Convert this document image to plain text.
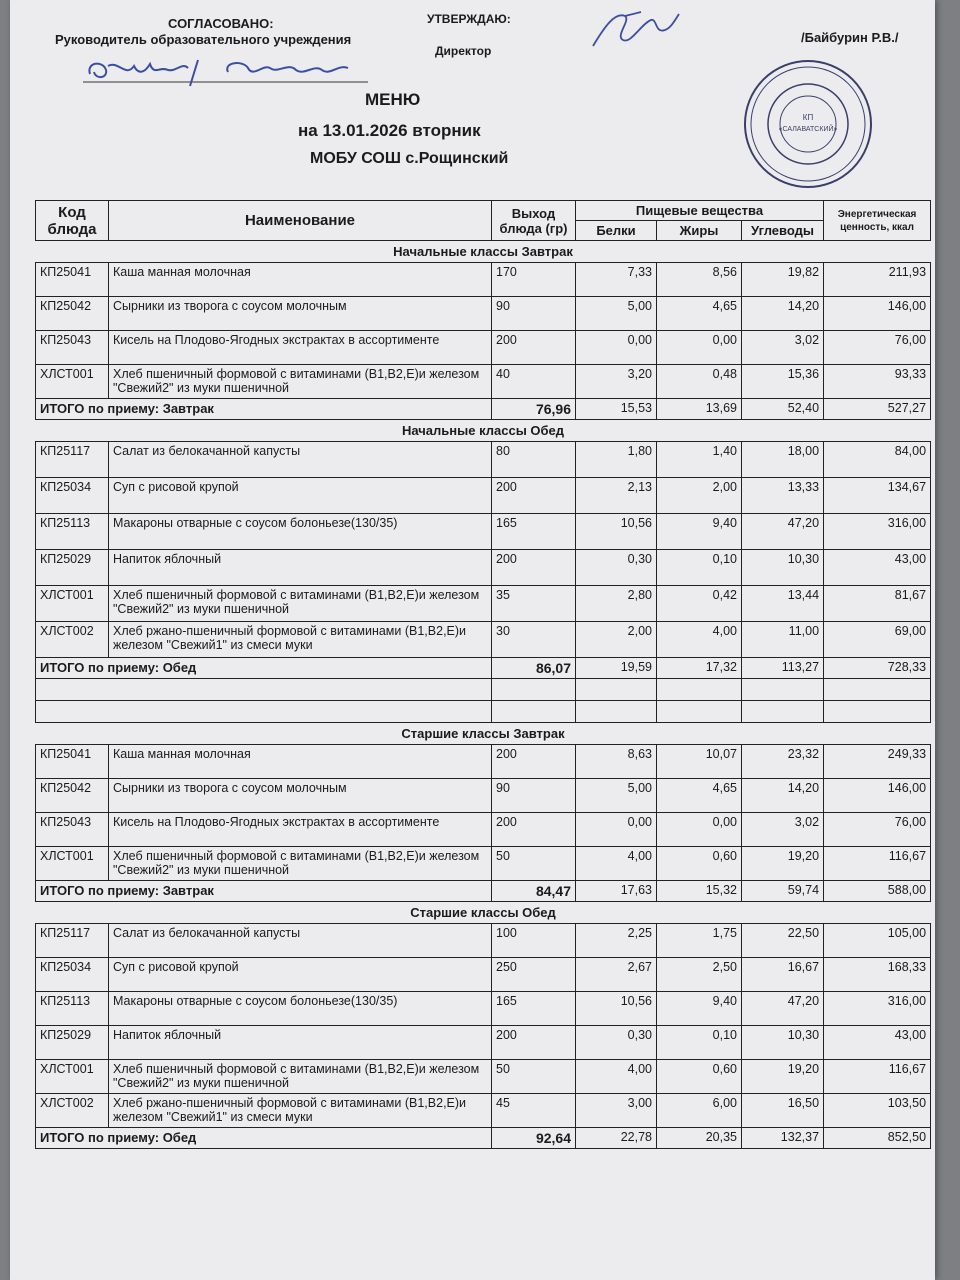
СОГЛАСОВАНО:
Руководитель образовательного учреждения
УТВЕРЖДАЮ:
Директор
/Байбурин Р.В./
КП
«САЛАВАТСКИЙ»
МЕНЮ
на 13.01.2026 вторник
МОБУ СОШ с.Рощинский
Код блюда	Наименование	Выход блюда (гр)	Пищевые вещества			Энергетическая ценность, ккал
			Белки	Жиры	Углеводы	
Начальные классы Завтрак						
КП25041	Каша манная молочная	170	7,33	8,56	19,82	211,93
КП25042	Сырники из творога с соусом молочным	90	5,00	4,65	14,20	146,00
КП25043	Кисель на Плодово-Ягодных экстрактах в ассортименте	200	0,00	0,00	3,02	76,00
ХЛСТ001	Хлеб пшеничный формовой с витаминами (В1,В2,Е)и железом "Свежий2" из муки пшеничной	40	3,20	0,48	15,36	93,33
ИТОГО по приему: Завтрак		76,96	15,53	13,69	52,40	527,27
Начальные классы Обед						
КП25117	Салат из белокачанной капусты	80	1,80	1,40	18,00	84,00
КП25034	Суп с рисовой крупой	200	2,13	2,00	13,33	134,67
КП25113	Макароны отварные с соусом болоньезе(130/35)	165	10,56	9,40	47,20	316,00
КП25029	Напиток яблочный	200	0,30	0,10	10,30	43,00
ХЛСТ001	Хлеб пшеничный формовой с витаминами (В1,В2,Е)и железом "Свежий2" из муки пшеничной	35	2,80	0,42	13,44	81,67
ХЛСТ002	Хлеб ржано-пшеничный формовой с витаминами (В1,В2,Е)и железом "Свежий1" из смеси муки	30	2,00	4,00	11,00	69,00
ИТОГО по приему: Обед		86,07	19,59	17,32	113,27	728,33

Старшие классы Завтрак						
КП25041	Каша манная молочная	200	8,63	10,07	23,32	249,33
КП25042	Сырники из творога с соусом молочным	90	5,00	4,65	14,20	146,00
КП25043	Кисель на Плодово-Ягодных экстрактах в ассортименте	200	0,00	0,00	3,02	76,00
ХЛСТ001	Хлеб пшеничный формовой с витаминами (В1,В2,Е)и железом "Свежий2" из муки пшеничной	50	4,00	0,60	19,20	116,67
ИТОГО по приему: Завтрак		84,47	17,63	15,32	59,74	588,00
Старшие классы Обед						
КП25117	Салат из белокачанной капусты	100	2,25	1,75	22,50	105,00
КП25034	Суп с рисовой крупой	250	2,67	2,50	16,67	168,33
КП25113	Макароны отварные с соусом болоньезе(130/35)	165	10,56	9,40	47,20	316,00
КП25029	Напиток яблочный	200	0,30	0,10	10,30	43,00
ХЛСТ001	Хлеб пшеничный формовой с витаминами (В1,В2,Е)и железом "Свежий2" из муки пшеничной	50	4,00	0,60	19,20	116,67
ХЛСТ002	Хлеб ржано-пшеничный формовой с витаминами (В1,В2,Е)и железом "Свежий1" из смеси муки	45	3,00	6,00	16,50	103,50
ИТОГО по приему: Обед		92,64	22,78	20,35	132,37	852,50
